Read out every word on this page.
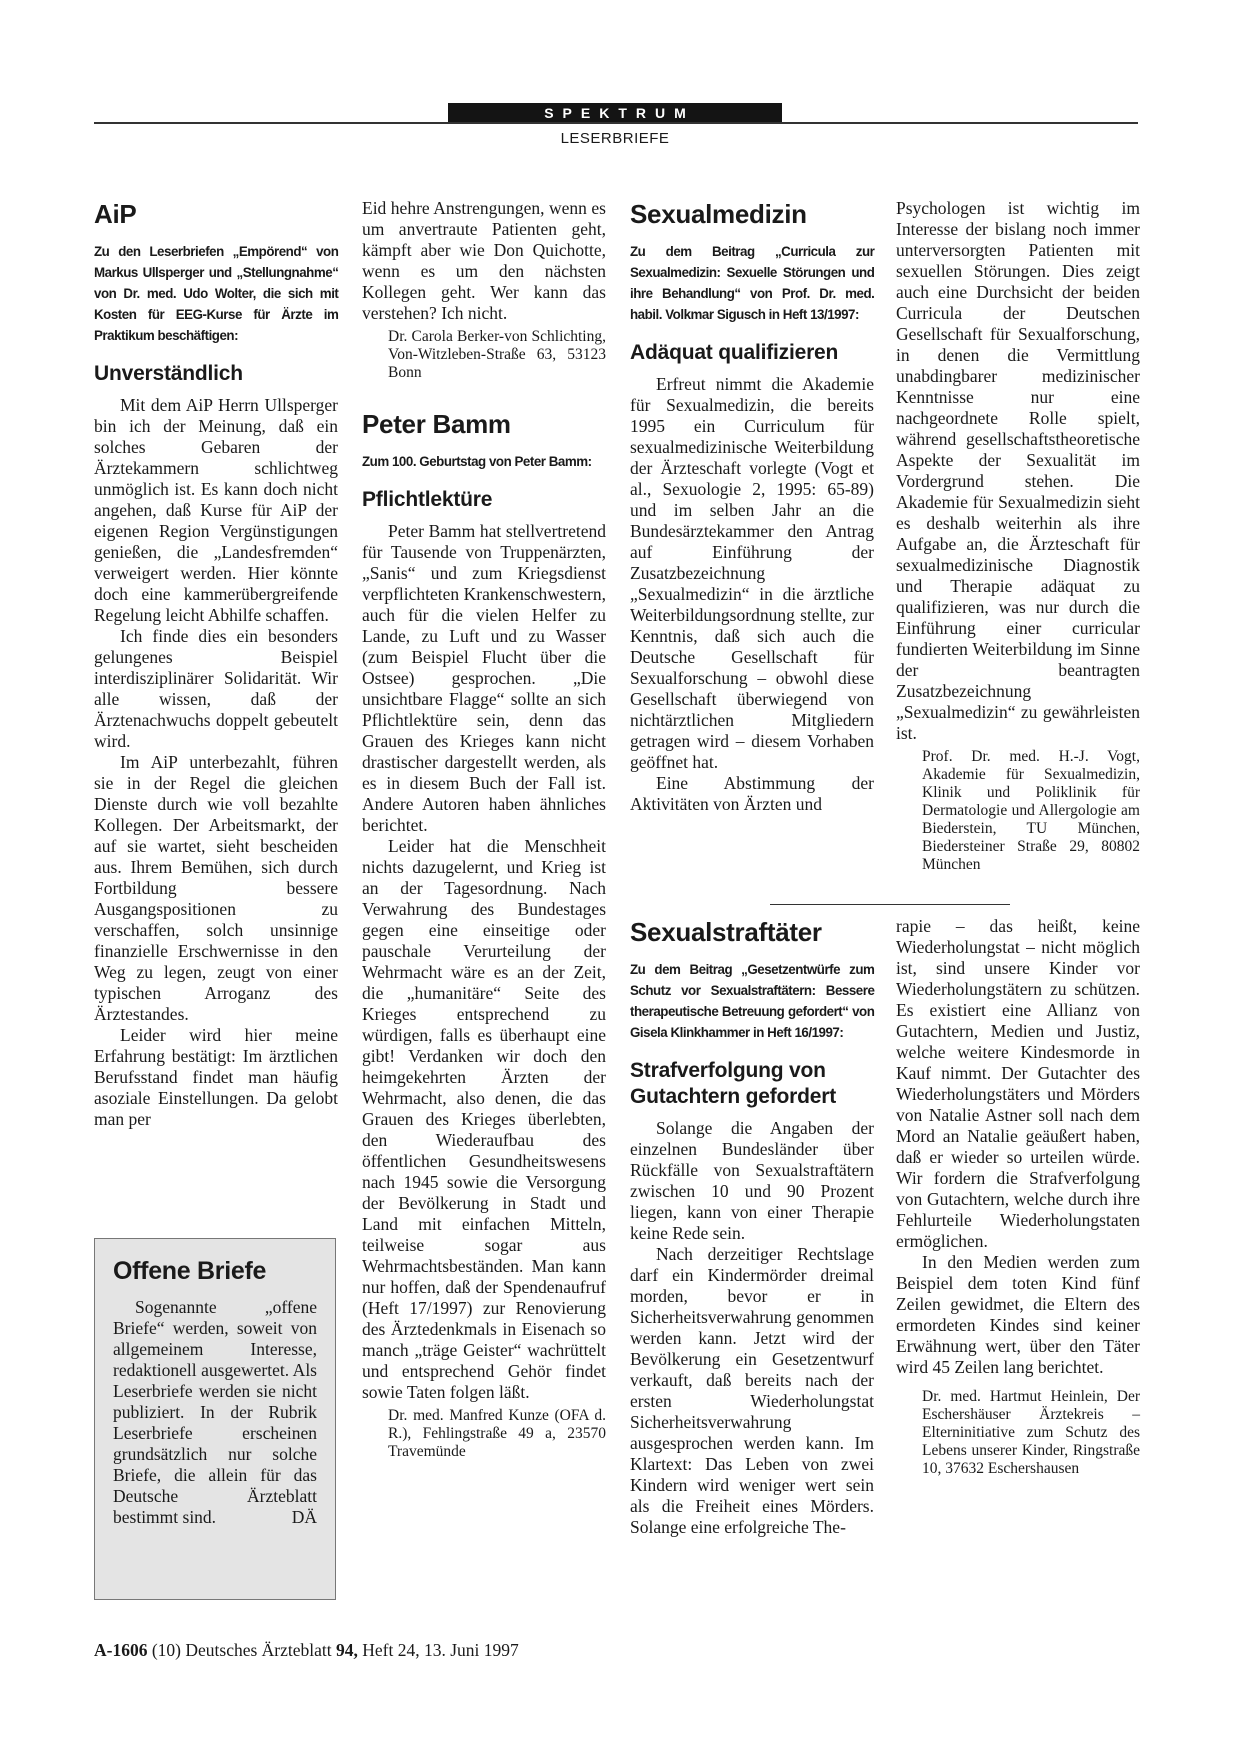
SPEKTRUM
LESERBRIEFE
AiP
Zu den Leserbriefen „Empörend“ von Markus Ullsperger und „Stellungnahme“ von Dr. med. Udo Wolter, die sich mit Kosten für EEG-Kurse für Ärzte im Praktikum beschäftigen:
Unverständlich

Mit dem AiP Herrn Ullsperger bin ich der Meinung, daß ein solches Gebaren der Ärztekammern schlichtweg unmöglich ist. Es kann doch nicht angehen, daß Kurse für AiP der eigenen Region Vergünstigungen genießen, die „Landesfremden“ verweigert werden. Hier könnte doch eine kammerübergreifende Regelung leicht Abhilfe schaffen.

Ich finde dies ein besonders gelungenes Beispiel interdisziplinärer Solidarität. Wir alle wissen, daß der Ärztenachwuchs doppelt gebeutelt wird.

Im AiP unterbezahlt, führen sie in der Regel die gleichen Dienste durch wie voll bezahlte Kollegen. Der Arbeitsmarkt, der auf sie wartet, sieht bescheiden aus. Ihrem Bemühen, sich durch Fortbildung bessere Ausgangspositionen zu verschaffen, solch unsinnige finanzielle Erschwernisse in den Weg zu legen, zeugt von einer typischen Arroganz des Ärztestandes.

Leider wird hier meine Erfahrung bestätigt: Im ärztlichen Berufsstand findet man häufig asoziale Einstellungen. Da gelobt man per

Offene Briefe

Sogenannte „offene Briefe“ werden, soweit von allgemeinem Interesse, redaktionell ausgewertet. Als Leserbriefe werden sie nicht publiziert. In der Rubrik Leserbriefe erscheinen grundsätzlich nur solche Briefe, die allein für das Deutsche Ärzteblatt bestimmt sind.	DÄ

Eid hehre Anstrengungen, wenn es um anvertraute Patienten geht, kämpft aber wie Don Quichotte, wenn es um den nächsten Kollegen geht. Wer kann das verstehen? Ich nicht.

Dr. Carola Berker-von Schlichting, Von-Witzleben-Straße 63, 53123 Bonn
Peter Bamm
Zum 100. Geburtstag von Peter Bamm:
Pflichtlektüre

Peter Bamm hat stellvertretend für Tausende von Truppenärzten, „Sanis“ und zum Kriegsdienst verpflichteten Krankenschwestern, auch für die vielen Helfer zu Lande, zu Luft und zu Wasser (zum Beispiel Flucht über die Ostsee) gesprochen. „Die unsichtbare Flagge“ sollte an sich Pflichtlektüre sein, denn das Grauen des Krieges kann nicht drastischer dargestellt werden, als es in diesem Buch der Fall ist. Andere Autoren haben ähnliches berichtet.

Leider hat die Menschheit nichts dazugelernt, und Krieg ist an der Tagesordnung. Nach Verwahrung des Bundestages gegen eine einseitige oder pauschale Verurteilung der Wehrmacht wäre es an der Zeit, die „humanitäre“ Seite des Krieges entsprechend zu würdigen, falls es überhaupt eine gibt! Verdanken wir doch den heimgekehrten Ärzten der Wehrmacht, also denen, die das Grauen des Krieges überlebten, den Wiederaufbau des öffentlichen Gesundheitswesens nach 1945 sowie die Versorgung der Bevölkerung in Stadt und Land mit einfachen Mitteln, teilweise sogar aus Wehrmachtsbeständen. Man kann nur hoffen, daß der Spendenaufruf (Heft 17/1997) zur Renovierung des Ärztedenkmals in Eisenach so manch „träge Geister“ wachrüttelt und entsprechend Gehör findet sowie Taten folgen läßt.

Dr. med. Manfred Kunze (OFA d. R.), Fehlingstraße 49 a, 23570 Travemünde
Sexualmedizin
Zu dem Beitrag „Curricula zur Sexualmedizin: Sexuelle Störungen und ihre Behandlung“ von Prof. Dr. med. habil. Volkmar Sigusch in Heft 13/1997:
Adäquat qualifizieren

Erfreut nimmt die Akademie für Sexualmedizin, die bereits 1995 ein Curriculum für sexualmedizinische Weiterbildung der Ärzteschaft vorlegte (Vogt et al., Sexuologie 2, 1995: 65-89) und im selben Jahr an die Bundesärztekammer den Antrag auf Einführung der Zusatzbezeichnung „Sexualmedizin“ in die ärztliche Weiterbildungsordnung stellte, zur Kenntnis, daß sich auch die Deutsche Gesellschaft für Sexualforschung – obwohl diese Gesellschaft überwiegend von nichtärztlichen Mitgliedern getragen wird – diesem Vorhaben geöffnet hat.

Eine Abstimmung der Aktivitäten von Ärzten und

Psychologen ist wichtig im Interesse der bislang noch immer unterversorgten Patienten mit sexuellen Störungen. Dies zeigt auch eine Durchsicht der beiden Curricula der Deutschen Gesellschaft für Sexualforschung, in denen die Vermittlung unabdingbarer medizinischer Kenntnisse nur eine nachgeordnete Rolle spielt, während gesellschaftstheoretische Aspekte der Sexualität im Vordergrund stehen. Die Akademie für Sexualmedizin sieht es deshalb weiterhin als ihre Aufgabe an, die Ärzteschaft für sexualmedizinische Diagnostik und Therapie adäquat zu qualifizieren, was nur durch die Einführung einer curricular fundierten Weiterbildung im Sinne der beantragten Zusatzbezeichnung „Sexualmedizin“ zu gewährleisten ist.

Prof. Dr. med. H.-J. Vogt, Akademie für Sexualmedizin, Klinik und Poliklinik für Dermatologie und Allergologie am Biederstein, TU München, Biedersteiner Straße 29, 80802 München
Sexualstraftäter
Zu dem Beitrag „Gesetzentwürfe zum Schutz vor Sexualstraftätern: Bessere therapeutische Betreuung gefordert“ von Gisela Klinkhammer in Heft 16/1997:
Strafverfolgung von Gutachtern gefordert

Solange die Angaben der einzelnen Bundesländer über Rückfälle von Sexualstraftätern zwischen 10 und 90 Prozent liegen, kann von einer Therapie keine Rede sein.

Nach derzeitiger Rechtslage darf ein Kindermörder dreimal morden, bevor er in Sicherheitsverwahrung genommen werden kann. Jetzt wird der Bevölkerung ein Gesetzentwurf verkauft, daß bereits nach der ersten Wiederholungstat Sicherheitsverwahrung ausgesprochen werden kann. Im Klartext: Das Leben von zwei Kindern wird weniger wert sein als die Freiheit eines Mörders. Solange eine erfolgreiche The-

rapie – das heißt, keine Wiederholungstat – nicht möglich ist, sind unsere Kinder vor Wiederholungstätern zu schützen. Es existiert eine Allianz von Gutachtern, Medien und Justiz, welche weitere Kindesmorde in Kauf nimmt. Der Gutachter des Wiederholungstäters und Mörders von Natalie Astner soll nach dem Mord an Natalie geäußert haben, daß er wieder so urteilen würde. Wir fordern die Strafverfolgung von Gutachtern, welche durch ihre Fehlurteile Wiederholungstaten ermöglichen.

In den Medien werden zum Beispiel dem toten Kind fünf Zeilen gewidmet, die Eltern des ermordeten Kindes sind keiner Erwähnung wert, über den Täter wird 45 Zeilen lang berichtet.

Dr. med. Hartmut Heinlein, Der Eschershäuser Ärztekreis – Elterninitiative zum Schutz des Lebens unserer Kinder, Ringstraße 10, 37632 Eschershausen
A-1606 (10) Deutsches Ärzteblatt 94, Heft 24, 13. Juni 1997
